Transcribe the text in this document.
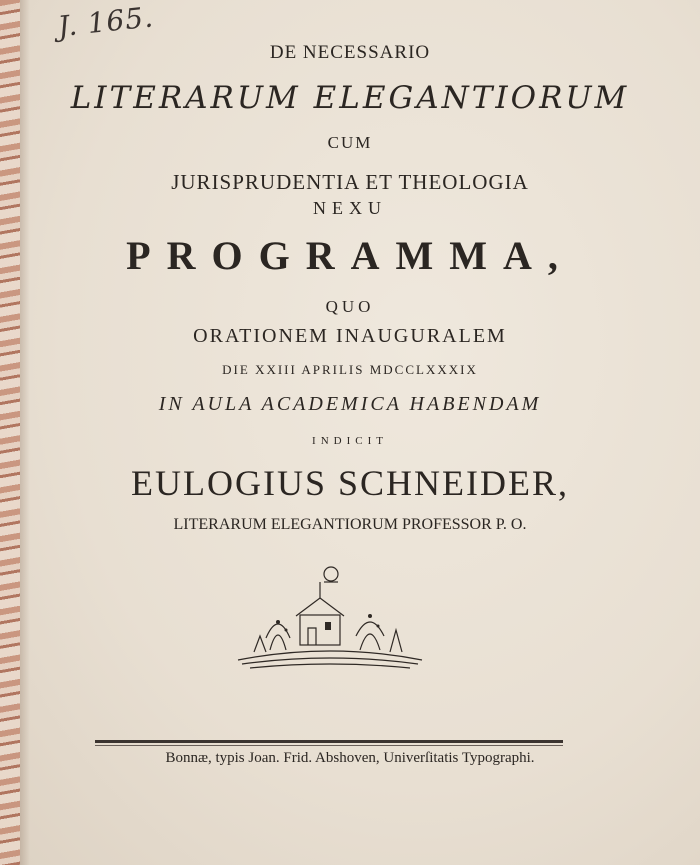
J. 165.
DE NECESSARIO
LITERARUM ELEGANTIORUM
CUM
JURISPRUDENTIA ET THEOLOGIA
NEXU
PROGRAMMA,
QUO
ORATIONEM INAUGURALEM
DIE XXIII APRILIS MDCCLXXXIX
IN AULA ACADEMICA HABENDAM
INDICIT
EULOGIUS SCHNEIDER,
LITERARUM ELEGANTIORUM PROFESSOR P. O.
Bonnæ, typis Joan. Frid. Abshoven, Univerſitatis Typographi.
